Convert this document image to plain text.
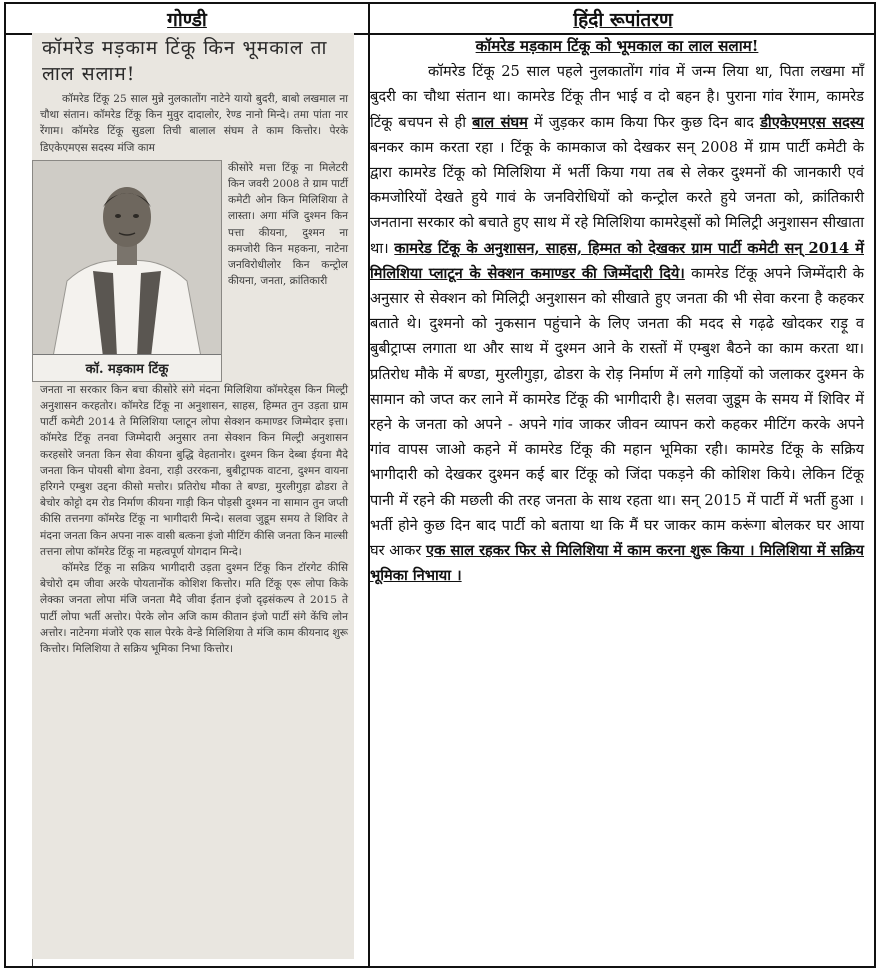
गोण्डी	हिंदी रूपांतरण
कॉमरेड मड़काम टिंकू किन भूमकाल ता लाल सलाम!

कॉमरेड टिंकू 25 साल मुन्ने नुलकातोंग नाटेने यायो बुदरी, बाबो लखमाल ना चौथा संतान। कॉमरेड टिंकू किन मुवुर दादालोर, रेण्ड नानो मिन्दे। तमा पांता नार रेंगाम। कॉमरेड टिंकू सुडला तिची बालाल संघम ते काम कित्तोर। पेरके डिएकेएमएस सदस्य मंजि काम

कॉ. मड़काम टिंकू
कीसोरे मत्ता टिंकू ना मिलेटरी किन जवरी 2008 ते ग्राम पार्टी कमेटी ओन किन मिलिशिया ते लास्ता। अगा मंजि दुश्मन किन पत्ता कीयना, दुश्मन ना कमजोरी किन महकना, नाटेना जनविरोधीलोर किन कन्ट्रोल कीयना, जनता, क्रांतिकारी

जनता ना सरकार किन बचा कीसोरे संगे मंदना मिलिशिया कॉमरेड्स किन मिल्ट्री अनुशासन करहतोर। कॉमरेड टिंकू ना अनुशासन, साहस, हिम्मत तुन उड़ता ग्राम पार्टी कमेटी 2014 ते मिलिशिया प्लाटून लोपा सेक्शन कमाण्डर जिम्मेदार इत्ता। कॉमरेड टिंकू तनवा जिम्मेदारी अनुसार तना सेक्शन किन मिल्ट्री अनुशासन करहसोरे जनता किन सेवा कीयना बुद्धि वेहतानोर। दुश्मन किन देब्बा ईयना मैदे जनता किन पोयसी बोगा डेवना, राड़ी उररकना, बुबीट्रापक वाटना, दुश्मन वायना हरिगने एम्बुश उद्दना कीसो मत्तोर। प्रतिरोध मौका ते बण्डा, मुरलीगुड़ा ढोडरा ते बेचोर कोट्टो दम रोड निर्माण कीयना गाड़ी किन पोड़सी दुश्मन ना सामान तुन जप्ती कीसि तत्तनगा कॉमरेड टिंकू ना भागीदारी मिन्दे। सलवा जुडूम समय ते शिविर ते मंदना जनता किन अपना नारू वासी बत्कना इंजो मीटिंग कीसि जनता किन माल्सी तत्तना लोपा कॉमरेड टिंकू ना महत्वपूर्ण योगदान मिन्दे।

कॉमरेड टिंकू ना सक्रिय भागीदारी उड़ता दुश्मन टिंकू किन टॉरगेट कीसि बेचोरो दम जीवा अरके पोयतानोंक कोशिश कित्तोर। मति टिंकू एरू लोपा किके लेक्का जनता लोपा मंजि जनता मैदे जीवा ईतान इंजो दृढ़संकल्प ते 2015 ते पार्टी लोपा भर्ती अत्तोर। पेरके लोन अजि काम कीतान इंजो पार्टी संगे केंचि लोन अत्तोर। नाटेनगा मंजोरे एक साल पेरके वेन्डे मिलिशिया ते मंजि काम कीयनाद शुरू कित्तोर। मिलिशिया ते सक्रिय भूमिका निभा कित्तोर।

कॉमरेड मड़काम टिंकू को भूमकाल का लाल सलाम!

कॉमरेड टिंकू 25 साल पहले नुलकातोंग गांव में जन्म लिया था, पिता लखमा माँ बुदरी का चौथा संतान था। कामरेड टिंकू तीन भाई व दो बहन है। पुराना गांव रेंगाम, कामरेड टिंकू बचपन से ही बाल संघम में जुड़कर काम किया फिर कुछ दिन बाद डीएकेएमएस सदस्य बनकर काम करता रहा । टिंकू के कामकाज को देखकर सन् 2008 में ग्राम पार्टी कमेटी के द्वारा कामरेड टिंकू को मिलिशिया में भर्ती किया गया तब से लेकर दुश्मनों की जानकारी एवं कमजोरियों देखते हुये गावं के जनविरोधियों को कन्ट्रोल करते हुये जनता को, क्रांतिकारी जनताना सरकार को बचाते हुए साथ में रहे मिलिशिया कामरेड्सों को मिलिट्री अनुशासन सीखाता था। कामरेड टिंकू के अनुशासन, साहस, हिम्मत को देखकर ग्राम पार्टी कमेटी सन् 2014 में मिलिशिया प्लाटून के सेक्शन कमाण्डर की जिम्मेंदारी दिये। कामरेड टिंकू अपने जिम्मेंदारी के अनुसार से सेक्शन को मिलिट्री अनुशासन को सीखाते हुए जनता की भी सेवा करना है कहकर बताते थे। दुश्मनो को नुकसान पहुंचाने के लिए जनता की मदद से गढ़ढे खोदकर राड़ू व बुबीट्राप्स लगाता था और साथ में दुश्मन आने के रास्तों में एम्बुश बैठने का काम करता था। प्रतिरोध मौके में बण्डा, मुरलीगुड़ा, ढोडरा के रोड़ निर्माण में लगे गाड़ियों को जलाकर दुश्मन के सामान को जप्त कर लाने में कामरेड टिंकू की भागीदारी है। सलवा जुडूम के समय में शिविर में रहने के जनता को अपने - अपने गांव जाकर जीवन व्यापन करो कहकर मीटिंग करके अपने गांव वापस जाओ कहने में कामरेड टिंकू की महान भूमिका रही। कामरेड टिंकू के सक्रिय भागीदारी को देखकर दुश्मन कई बार टिंकू को जिंदा पकड़ने की कोशिश किये। लेकिन टिंकू पानी में रहने की मछली की तरह जनता के साथ रहता था। सन् 2015 में पार्टी में भर्ती हुआ । भर्ती होने कुछ दिन बाद पार्टी को बताया था कि मैं घर जाकर काम करूंगा बोलकर घर आया घर आकर एक साल रहकर फिर से मिलिशिया में काम करना शुरू किया । मिलिशिया में सक्रिय भूमिका निभाया ।
